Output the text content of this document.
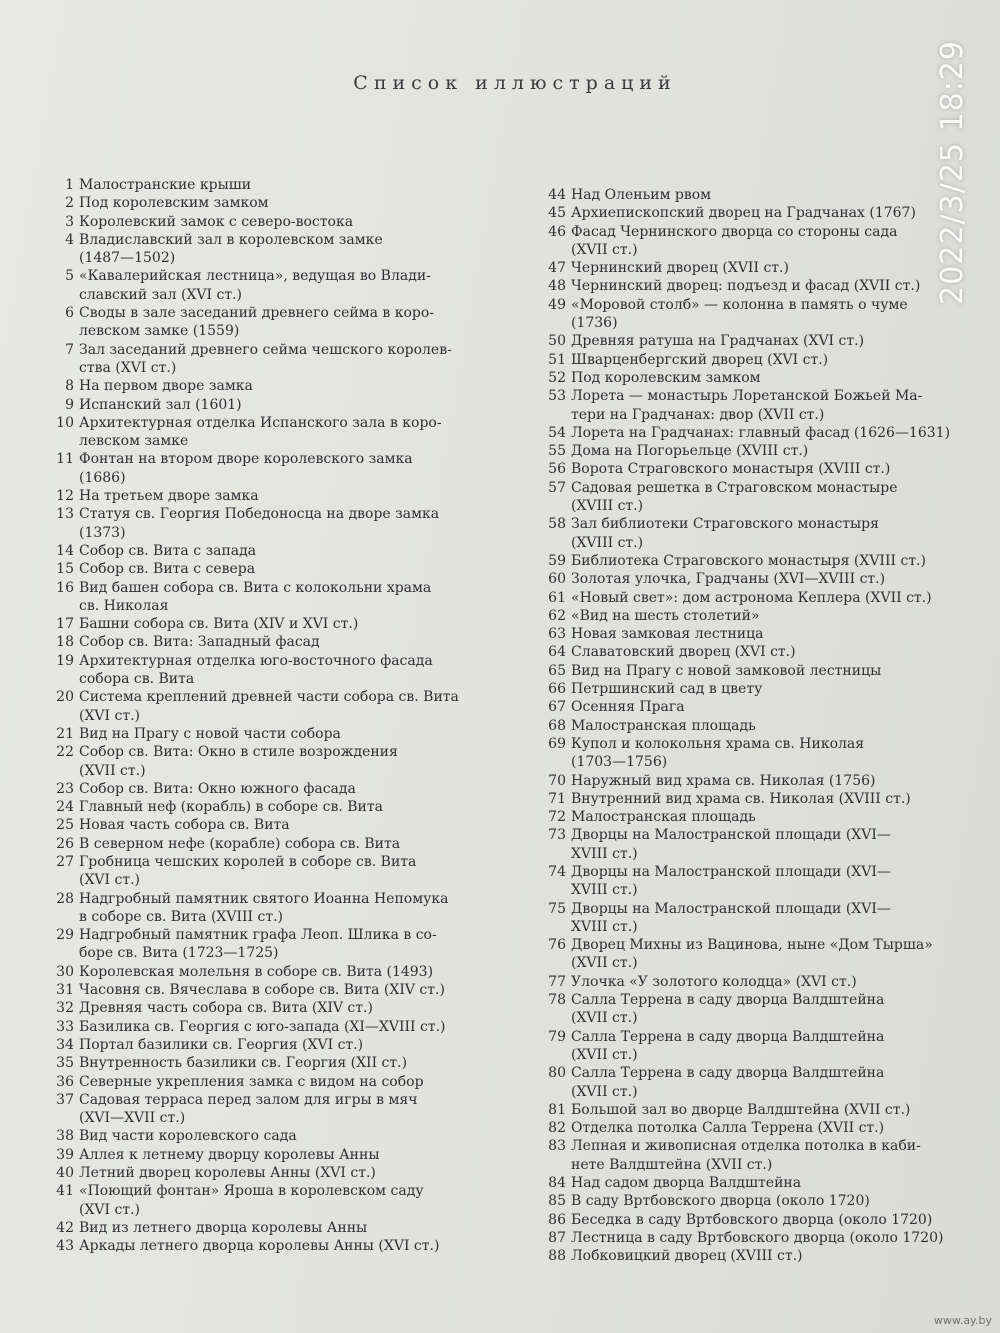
Список иллюстраций
1 Малостранские крыши
2 Под королевским замком
3 Королевский замок с северо-востока
4 Владиславский зал в королевском замке
(1487—1502)
5 «Кавалерийская лестница», ведущая во Влади-
славский зал (XVI ст.)
6 Своды в зале заседаний древнего сейма в коро-
левском замке (1559)
7 Зал заседаний древнего сейма чешского королев-
ства (XVI ст.)
8 На первом дворе замка
9 Испанский зал (1601)
10 Архитектурная отделка Испанского зала в коро-
левском замке
11 Фонтан на втором дворе королевского замка
(1686)
12 На третьем дворе замка
13 Статуя св. Георгия Победоносца на дворе замка
(1373)
14 Собор св. Вита с запада
15 Собор св. Вита с севера
16 Вид башен собора св. Вита с колокольни храма
св. Николая
17 Башни собора св. Вита (XIV и XVI ст.)
18 Собор св. Вита: Западный фасад
19 Архитектурная отделка юго-восточного фасада
собора св. Вита
20 Система креплений древней части собора св. Вита
(XVI ст.)
21 Вид на Прагу с новой части собора
22 Собор св. Вита: Окно в стиле возрождения
(XVII ст.)
23 Собор св. Вита: Окно южного фасада
24 Главный неф (корабль) в соборе св. Вита
25 Новая часть собора св. Вита
26 В северном нефе (корабле) собора св. Вита
27 Гробница чешских королей в соборе св. Вита
(XVI ст.)
28 Надгробный памятник святого Иоанна Непомука
в соборе св. Вита (XVIII ст.)
29 Надгробный памятник графа Леоп. Шлика в со-
боре св. Вита (1723—1725)
30 Королевская молельня в соборе св. Вита (1493)
31 Часовня св. Вячеслава в соборе св. Вита (XIV ст.)
32 Древняя часть собора св. Вита (XIV ст.)
33 Базилика св. Георгия с юго-запада (XI—XVIII ст.)
34 Портал базилики св. Георгия (XVI ст.)
35 Внутренность базилики св. Георгия (XII ст.)
36 Северные укрепления замка с видом на собор
37 Садовая терраса перед залом для игры в мяч
(XVI—XVII ст.)
38 Вид части королевского сада
39 Аллея к летнему дворцу королевы Анны
40 Летний дворец королевы Анны (XVI ст.)
41 «Поющий фонтан» Яроша в королевском саду
(XVI ст.)
42 Вид из летнего дворца королевы Анны
43 Аркады летнего дворца королевы Анны (XVI ст.)
44 Над Оленьим рвом
45 Архиепископский дворец на Градчанах (1767)
46 Фасад Чернинского дворца со стороны сада
(XVII ст.)
47 Чернинский дворец (XVII ст.)
48 Чернинский дворец: подъезд и фасад (XVII ст.)
49 «Моровой столб» — колонна в память о чуме
(1736)
50 Древняя ратуша на Градчанах (XVI ст.)
51 Шварценбергский дворец (XVI ст.)
52 Под королевским замком
53 Лорета — монастырь Лоретанской Божьей Ма-
тери на Градчанах: двор (XVII ст.)
54 Лорета на Градчанах: главный фасад (1626—1631)
55 Дома на Погорьельце (XVIII ст.)
56 Ворота Страговского монастыря (XVIII ст.)
57 Садовая решетка в Страговском монастыре
(XVIII ст.)
58 Зал библиотеки Страговского монастыря
(XVIII ст.)
59 Библиотека Страговского монастыря (XVIII ст.)
60 Золотая улочка, Градчаны (XVI—XVIII ст.)
61 «Новый свет»: дом астронома Кеплера (XVII ст.)
62 «Вид на шесть столетий»
63 Новая замковая лестница
64 Славатовский дворец (XVI ст.)
65 Вид на Прагу с новой замковой лестницы
66 Петршинский сад в цвету
67 Осенняя Прага
68 Малостранская площадь
69 Купол и колокольня храма св. Николая
(1703—1756)
70 Наружный вид храма св. Николая (1756)
71 Внутренний вид храма св. Николая (XVIII ст.)
72 Малостранская площадь
73 Дворцы на Малостранской площади (XVI—
XVIII ст.)
74 Дворцы на Малостранской площади (XVI—
XVIII ст.)
75 Дворцы на Малостранской площади (XVI—
XVIII ст.)
76 Дворец Михны из Вацинова, ныне «Дом Тырша»
(XVII ст.)
77 Улочка «У золотого колодца» (XVI ст.)
78 Салла Террена в саду дворца Валдштейна
(XVII ст.)
79 Салла Террена в саду дворца Валдштейна
(XVII ст.)
80 Салла Террена в саду дворца Валдштейна
(XVII ст.)
81 Большой зал во дворце Валдштейна (XVII ст.)
82 Отделка потолка Салла Террена (XVII ст.)
83 Лепная и живописная отделка потолка в каби-
нете Валдштейна (XVII ст.)
84 Над садом дворца Валдштейна
85 В саду Вртбовского дворца (около 1720)
86 Беседка в саду Вртбовского дворца (около 1720)
87 Лестница в саду Вртбовского дворца (около 1720)
88 Лобковицкий дворец (XVIII ст.)
2022/3/25 18:29
www.ay.by
